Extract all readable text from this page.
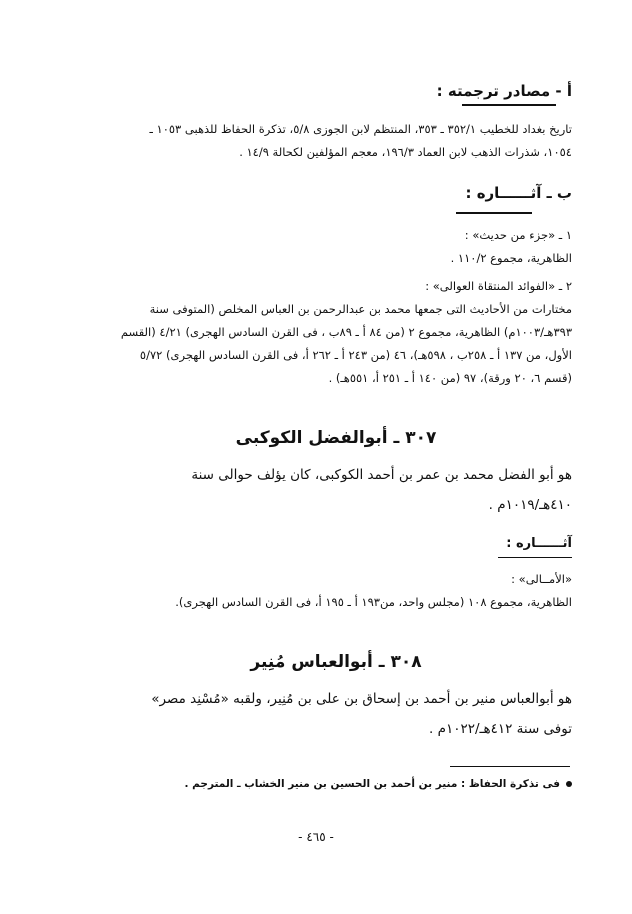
أ - مصادر ترجمته :
تاريخ بغداد للخطيب ٣٥٢/١ ـ ٣٥٣، المنتظم لابن الجوزى ٥/٨، تذكرة الحفاظ للذهبى ١٠٥٣ ـ
١٠٥٤، شذرات الذهب لابن العماد ١٩٦/٣، معجم المؤلفين لكحالة ١٤/٩ .
ب ـ آثــــــاره :
١ ـ «جزء من حديث» :
الظاهرية، مجموع ١١٠/٢ .
٢ ـ «الفوائد المنتقاة العوالى» :
مختارات من الأحاديث التى جمعها محمد بن عبدالرحمن بن العباس المخلص (المتوفى سنة
٣٩٣هـ/١٠٠٣م) الظاهرية، مجموع ٢ (من ٨٤ أ ـ ٨٩ب ، فى القرن السادس الهجرى) ٤/٢١ (القسم
الأول، من ١٣٧ أ ـ ٢٥٨ب ، ٥٩٨هـ)، ٤٦ (من ٢٤٣ أ ـ ٢٦٢ أ، فى القرن السادس الهجرى) ٥/٧٢
(قسم ٦، ٢٠ ورقة)، ٩٧ (من ١٤٠ أ ـ ٢٥١ أ، ٥٥١هـ) .
٣٠٧ ـ أبوالفضل الكوكبى
هو أبو الفضل محمد بن عمر بن أحمد الكوكبى، كان يؤلف حوالى سنة
٤١٠هـ/١٠١٩م .
آثــــــاره :
«الأمــالى» :
الظاهرية، مجموع ١٠٨ (مجلس واحد، من١٩٣ أ ـ ١٩٥ أ، فى القرن السادس الهجرى).
٣٠٨ ـ أبوالعباس مُنِير
هو أبوالعباس منير بن أحمد بن إسحاق بن على بن مُنِير، ولقبه «مُسْنِد مصر»
توفى سنة ٤١٢هـ/١٠٢٢م .
فى تذكرة الحفاظ : منير بن أحمد بن الحسين بن منير الخشاب ـ المترجم .
- ٤٦٥ -
